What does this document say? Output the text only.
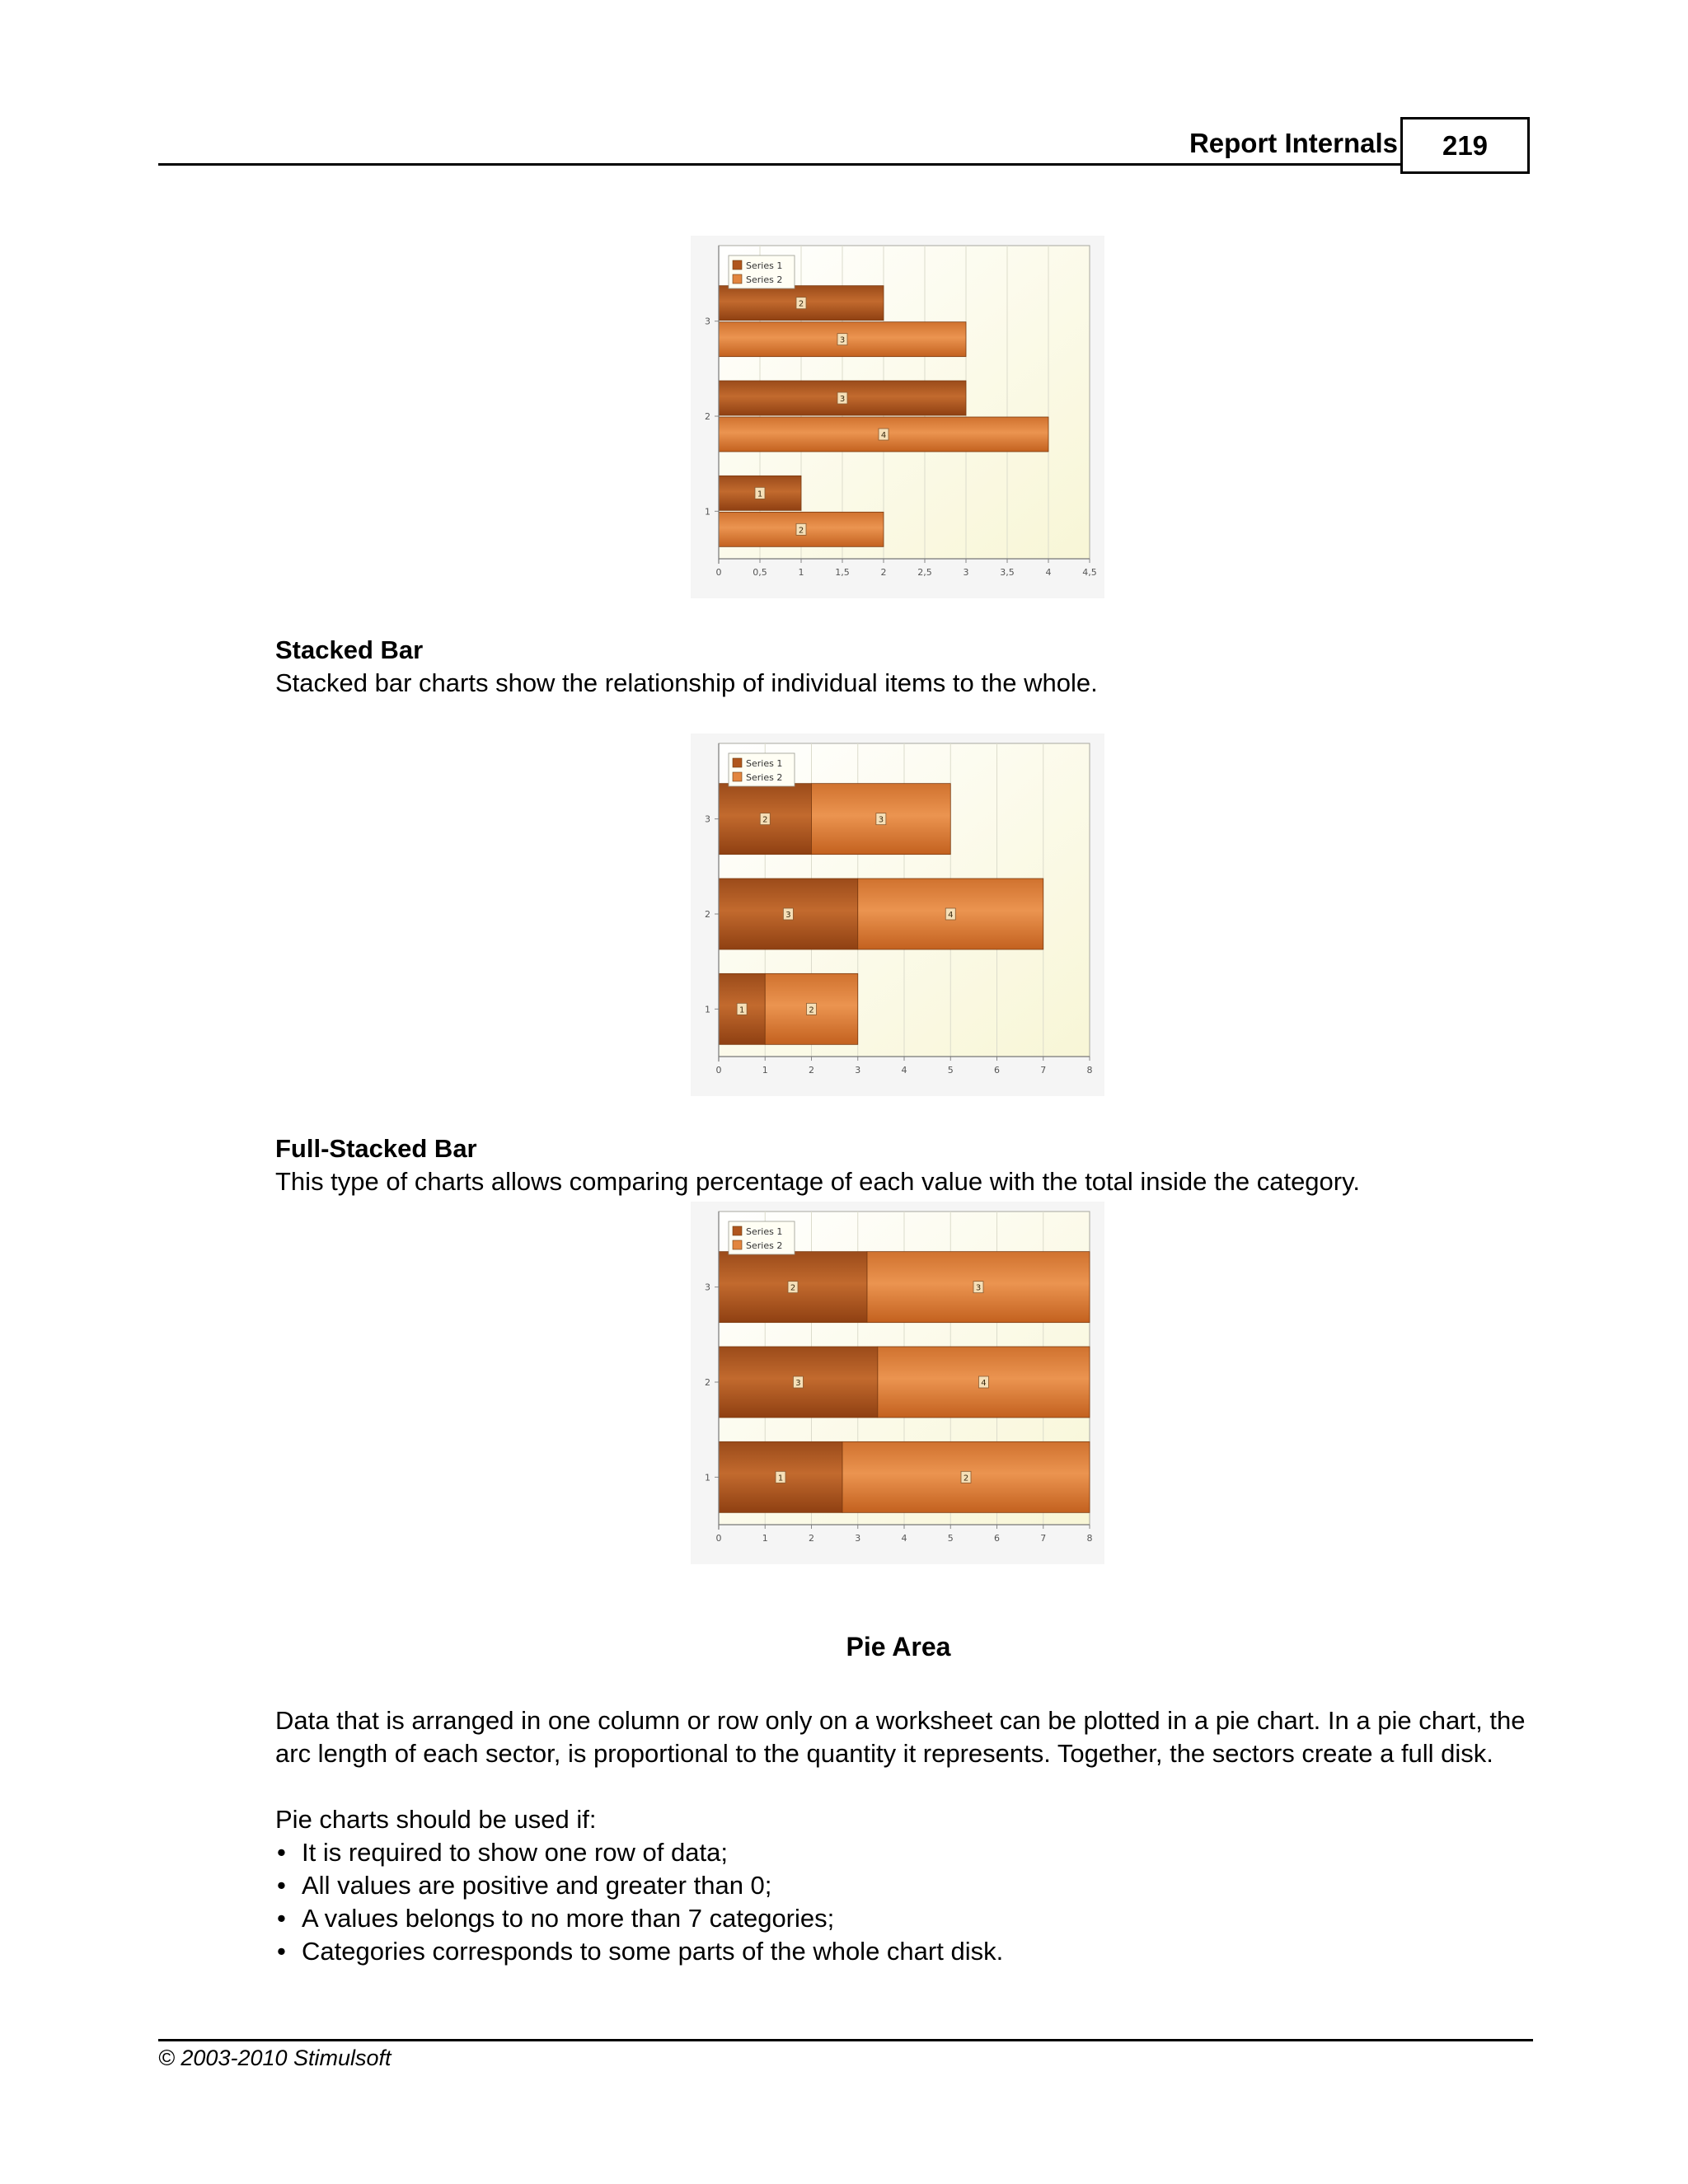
Report Internals	219
0	0,5	1	1,5	2	2,5	3	3,5	4	4,5
1
1
2
2
3
4
3
2
3
Series 1
Series 2
Stacked Bar
Stacked bar charts show the relationship of individual items to the whole.
0	1	2	3	4	5	6	7	8
1	1	2
2	3	4
3	2	3
Series 1
Series 2
Full-Stacked Bar
This type of charts allows comparing percentage of each value with the total inside the category.
0	1	2	3	4	5	6	7	8
1	1	2
2	3	4
3	2	3
Series 1
Series 2
Pie Area
Data that is arranged in one column or row only on a worksheet can be plotted in a pie chart. In a pie chart, the arc length of each sector, is proportional to the quantity it represents. Together, the sectors create a full disk.
Pie charts should be used if:
• It is required to show one row of data;
• All values are positive and greater than 0;
• A values belongs to no more than 7 categories;
• Categories corresponds to some parts of the whole chart disk.
© 2003-2010 Stimulsoft
